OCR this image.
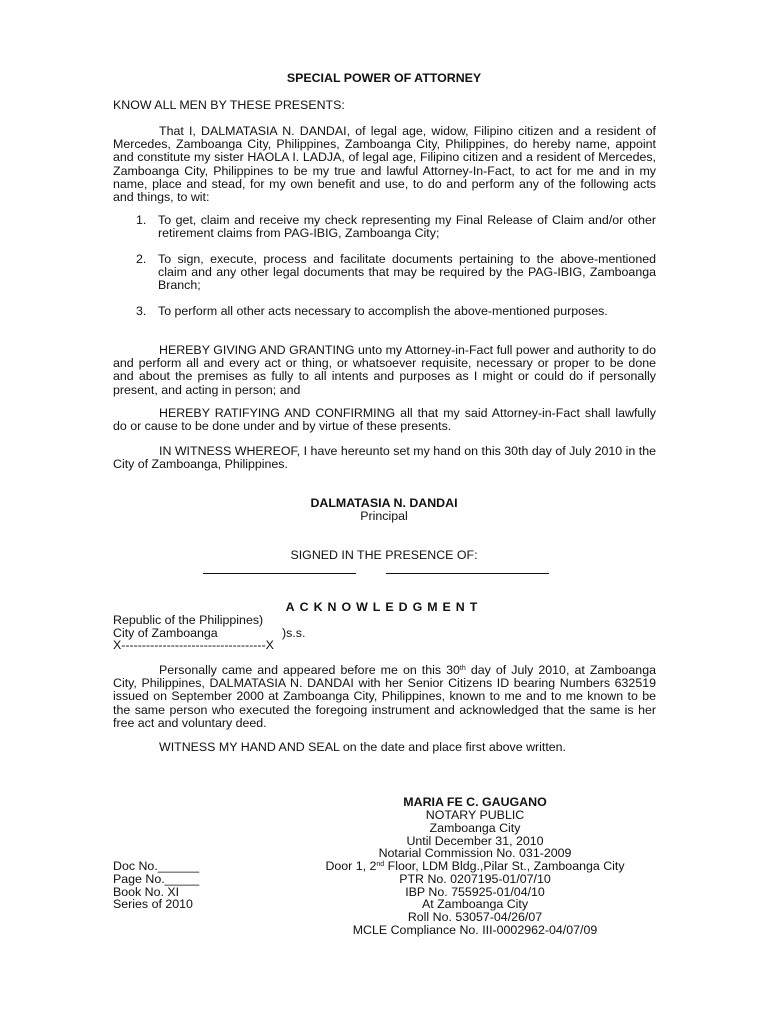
SPECIAL POWER OF ATTORNEY
KNOW ALL MEN BY THESE PRESENTS:

That I, DALMATASIA N. DANDAI, of legal age, widow, Filipino citizen and a resident of Mercedes, Zamboanga City, Philippines, Zamboanga City, Philippines, do hereby name, appoint and constitute my sister HAOLA I. LADJA, of legal age, Filipino citizen and a resident of Mercedes, Zamboanga City, Philippines to be my true and lawful Attorney-In-Fact, to act for me and in my name, place and stead, for my own benefit and use, to do and perform any of the following acts and things, to wit:

1. To get, claim and receive my check representing my Final Release of Claim and/or other retirement claims from PAG-IBIG, Zamboanga City;
2. To sign, execute, process and facilitate documents pertaining to the above-mentioned claim and any other legal documents that may be required by the PAG-IBIG, Zamboanga Branch;
3. To perform all other acts necessary to accomplish the above-mentioned purposes.

HEREBY GIVING AND GRANTING unto my Attorney-in-Fact full power and authority to do and perform all and every act or thing, or whatsoever requisite, necessary or proper to be done and about the premises as fully to all intents and purposes as I might or could do if personally present, and acting in person; and

HEREBY RATIFYING AND CONFIRMING all that my said Attorney-in-Fact shall lawfully do or cause to be done under and by virtue of these presents.

IN WITNESS WHEREOF, I have hereunto set my hand on this 30th day of July 2010 in the City of Zamboanga, Philippines.

DALMATASIA N. DANDAI
Principal
SIGNED IN THE PRESENCE OF:
ACKNOWLEDGMENT
Republic of the Philippines)
City of Zamboanga	)s.s.
X-----------------------------------X

Personally came and appeared before me on this 30th day of July 2010, at Zamboanga City, Philippines, DALMATASIA N. DANDAI with her Senior Citizens ID bearing Numbers 632519 issued on September 2000 at Zamboanga City, Philippines, known to me and to me known to be the same person who executed the foregoing instrument and acknowledged that the same is her free act and voluntary deed.

WITNESS MY HAND AND SEAL on the date and place first above written.

MARIA FE C. GAUGANO
NOTARY PUBLIC
Zamboanga City
Until December 31, 2010
Notarial Commission No. 031-2009
Door 1, 2nd Floor, LDM Bldg.,Pilar St., Zamboanga City
PTR No. 0207195-01/07/10
IBP No. 755925-01/04/10
At Zamboanga City
Roll No. 53057-04/26/07
MCLE Compliance No. III-0002962-04/07/09
Doc No.______
Page No._____
Book No. XI
Series of 2010
